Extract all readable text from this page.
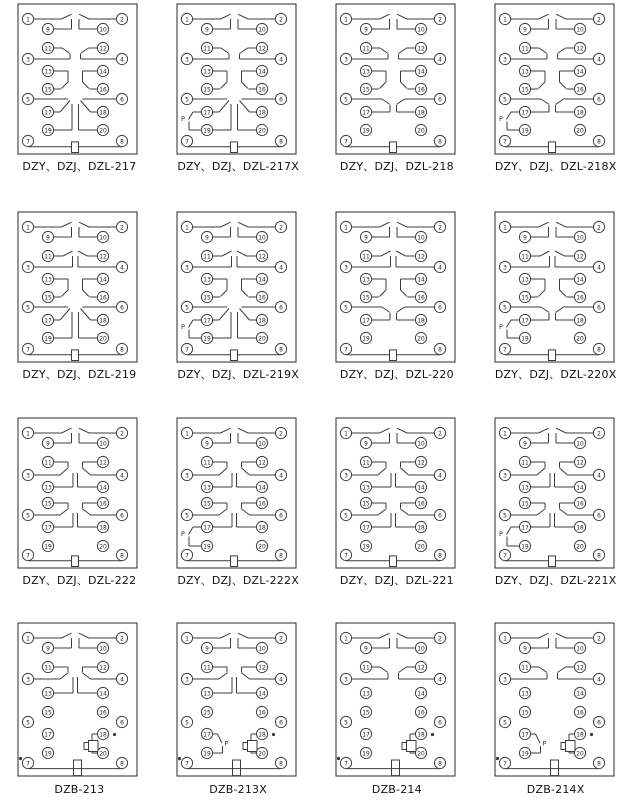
1
3
5
7
2
4
6
8
9
11
13
15
17
19
10
12
14
16
18
20
DZY、DZJ、DZL-217
P
1
3
5
7
2
4
6
8
9
11
13
15
17
19
10
12
14
16
18
20
DZY、DZJ、DZL-217X
1
3
5
7
2
4
6
8
9
11
13
15
17
19
10
12
14
16
18
20
DZY、DZJ、DZL-218
P
1
3
5
7
2
4
6
8
9
11
13
15
17
19
10
12
14
16
18
20
DZY、DZJ、DZL-218X
1
3
5
7
2
4
6
8
9
11
13
15
17
19
10
12
14
16
18
20
DZY、DZJ、DZL-219
P
1
3
5
7
2
4
6
8
9
11
13
15
17
19
10
12
14
16
18
20
DZY、DZJ、DZL-219X
1
3
5
7
2
4
6
8
9
11
13
15
17
19
10
12
14
16
18
20
DZY、DZJ、DZL-220
P
1
3
5
7
2
4
6
8
9
11
13
15
17
19
10
12
14
16
18
20
DZY、DZJ、DZL-220X
1
3
5
7
2
4
6
8
9
11
13
15
17
19
10
12
14
16
18
20
DZY、DZJ、DZL-222
P
1
3
5
7
2
4
6
8
9
11
13
15
17
19
10
12
14
16
18
20
DZY、DZJ、DZL-222X
1
3
5
7
2
4
6
8
9
11
13
15
17
19
10
12
14
16
18
20
DZY、DZJ、DZL-221
P
1
3
5
7
2
4
6
8
9
11
13
15
17
19
10
12
14
16
18
20
DZY、DZJ、DZL-221X
1
3
5
7
2
4
6
8
9
11
13
15
17
19
10
12
14
16
18
20
DZB-213
P
1
3
5
7
2
4
6
8
9
11
13
15
17
19
10
12
14
16
18
20
DZB-213X
1
3
5
7
2
4
6
8
9
11
13
15
17
19
10
12
14
16
18
20
DZB-214
P
1
3
5
7
2
4
6
8
9
11
13
15
17
19
10
12
14
16
18
20
DZB-214X
